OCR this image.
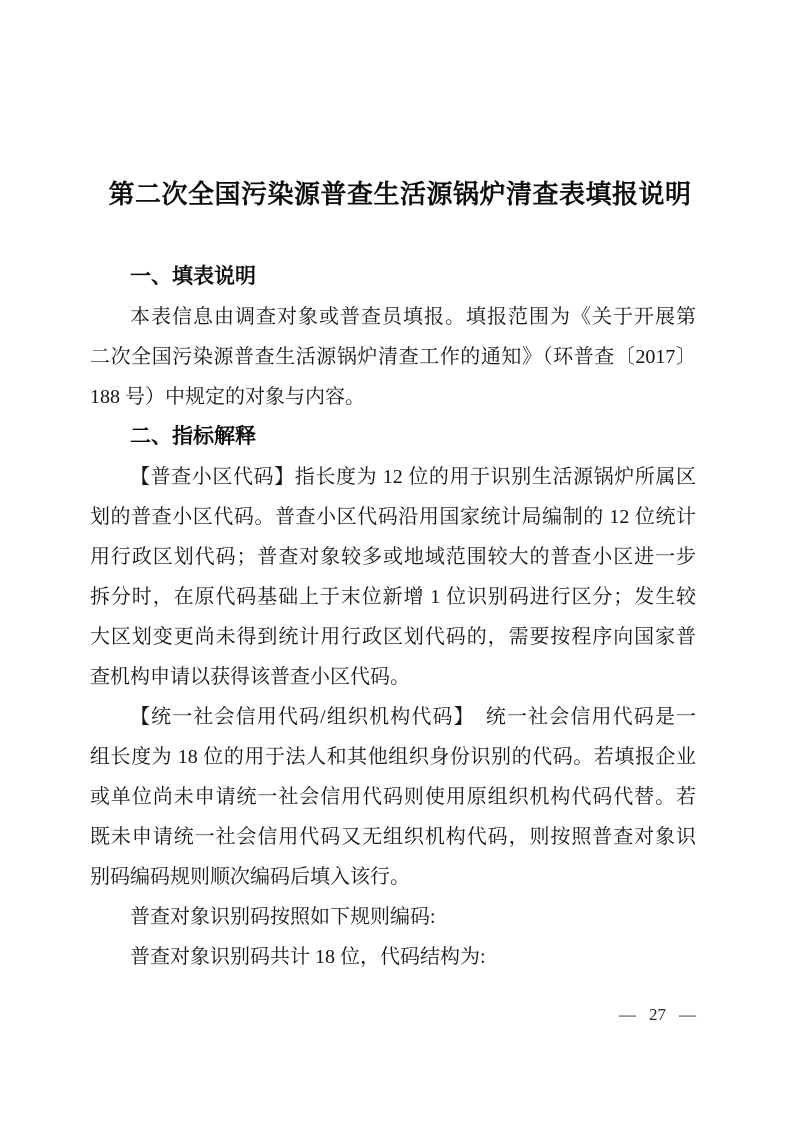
第二次全国污染源普查生活源锅炉清查表填报说明
一、填表说明
本表信息由调查对象或普查员填报。填报范围为《关于开展第
二次全国污染源普查生活源锅炉清查工作的通知》（环普查〔2017〕
188 号）中规定的对象与内容。
二、指标解释
【普查小区代码】指长度为 12 位的用于识别生活源锅炉所属区
划的普查小区代码。普查小区代码沿用国家统计局编制的 12 位统计
用行政区划代码；普查对象较多或地域范围较大的普查小区进一步
拆分时，在原代码基础上于末位新增 1 位识别码进行区分；发生较
大区划变更尚未得到统计用行政区划代码的，需要按程序向国家普
查机构申请以获得该普查小区代码。
【统一社会信用代码/组织机构代码】　统一社会信用代码是一
组长度为 18 位的用于法人和其他组织身份识别的代码。若填报企业
或单位尚未申请统一社会信用代码则使用原组织机构代码代替。若
既未申请统一社会信用代码又无组织机构代码，则按照普查对象识
别码编码规则顺次编码后填入该行。
普查对象识别码按照如下规则编码:
普查对象识别码共计 18 位，代码结构为:
— 27 —
